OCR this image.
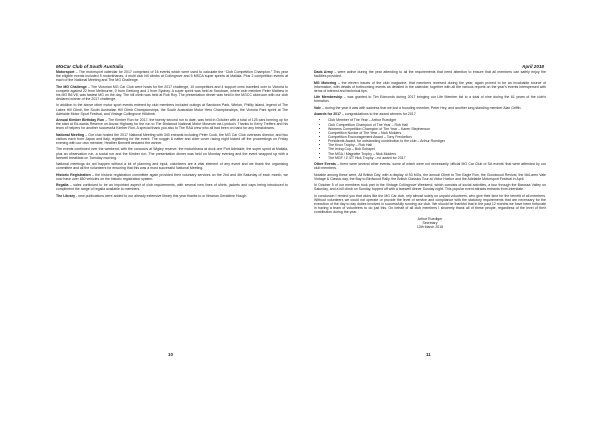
MGCar Club of South Australia	April 2018

Motorsport – The motorsport calendar for 2017 comprised of 16 events which were used to calculate the “Club Competition Champion.” This year the eligible events included 5 motorkhanas, 4 multi club hill climbs at Collingrove and 5 MSCA super sprints at Mallala. Plus 2 competition events at each of the National Meeting and The MG Challenge.

The MG Challenge – The Victorian MG Car Club were hosts for the 2017 challenge, 10 competitors and 4 support crew travelled over to Victoria to compete against 22 from Melbourne, 0 from Geelong and 1 from Sydney. A super sprint was held at Sandown, where club member Peter Mathew in his MG B6 V8, was fastest MG on the day. The hill climb was held at Rob Roy. The presentation dinner was held in the MGCC clubroom with our club declared winner of the 2017 challenge.

In addition to the above other motor sport events entered by club members included outings at Sandown Park, Winton, Phillip Island, legend of The Lakes Hill Climb, the South Australian Hill Climb Championships, the South Australian Motor Hero Championships, the Victoria Park sprint at The Adelaide Motor Sport Festival, and Vintage Collingrove Hillclimb.

Annual Kimber Birthday Run – The Kimber Run for 2017, the twenty second run to date, was held in October with a total of 125 cars forming up for the start at Ed-wards Reserve on Anzac Highway for the run to The Birdwood National Motor Museum via Lyndoch. Thanks to Kerry Treffers and his team of helpers for another successful Kimber Run. A special thank you also to The RAA crew who all had been on hand for any breakdowns.

National Meeting – Our club hosted the 2017 National Meeting with 340 entrants including Peter Cook, the MG Car Club overseas director, and two visitors each from Japan and Italy, registering for the event. The noggin & natter and cider cover racing night kicked off the proceedings on Friday evening with our own member, Heather Bennett declared the winner.

The events continued over the weekend, with the concours at Wigley reserve, the motorkhana at dock one Port Adelaide, the super sprint at Mallala, plus an observation run, a social run and the Kimber run. The presentation dinner was held on Monday evening and the event wrapped up with a farewell breakfast on Tuesday morning.

National meetings do not happen without a lot of planning and input, volunteers are a vital element of any event and we thank the organising committee and all the volunteers for ensuring that this was a most successful National Meeting.

Historic Registration – the historic registration committee again provided their voluntary services on the 2nd and 4th Saturday of each month, we now have over 650 vehicles on the historic registration system.

Regalia – sales continued to be an important aspect of club requirements, with several new lines of shirts, jackets and caps being introduced to compliment the range of regalia available to members.

The Library - new publications were added to our already extensive library this year thanks to or librarian Geraldine Hough.

Dads Army – were active during the year attending to all the requirements that need attention to ensure that all members can safely enjoy the facilities provided.

MG Motoring – the eleven issues of the club magazine, that members received during the year, again proved to be an invaluable source of information, with details of forthcoming events as detailed in the calendar, together with all the various reports on the year's events interspersed with items of interest and technical tips.

Life Membership – was granted to Tim Edmonds during 2017 bringing our Life Member list to a total of nine during the 61 years of the club's formation.

Vale – during the year it was with sadness that we lost a founding member, Peter Hey, and another long standing member Alan Griffin.

Awards for 2017 – congratulations to the award winners for 2017

• Club Member of The Year – Arthur Ruediger
• Club Competition Champion of The Year – Rob Hall
• Womens Competition Champion of The Year – Karen Stephenson
• Competition Novice of The Year – Nick Molders
• Competition Encouragement Award – Tony Freckelton
• Presidents Award, for outstanding contribution to the club – Arthur Ruediger
• The Knox Trophy – Rob Hall
• The Irving Cup – Bob Schapel
• The MGA / Magnette Trophy – Nick Molders
• The MGF / Z /ZT Hick Trophy – no award for 2017

Other Events – there were several other events, some of which were not necessarily 'official MG Car Club of SA events' that were attended by our club members.

Notable among these were, All British Day, with a display of 53 MGs, the annual Climb to The Eagle Run, the Goodwood Revival, the McLaren Vale Vintage & Classic day, the Bay to Birdwood Rally, the British Classics Tour at Victor Harbor and the Adelaide Motorsport Festival in April.

In October 5 of our members took part in the Vintage Collingrove Weekend, which consists of social activities, a tour through the Barossa Valley on Saturday, and a hill climb on Sunday, topped off with a farewell dinner Sunday night. This popular event attracts entrants from interstate.

In conclusion I remind you that clubs like the MG Car club, rely almost solely on unpaid volunteers, who give their time for the benefit of all members. Without volunteers we could not operate or provide the level of service and compliance with the statutory requirements that are necessary for the execution of the day to day duties involved in successfully running our club. We should be thankful that in the past 12 months we have been fortunate in having a team of volunteers to do just this. On behalf of all club members I sincerely thank all of these people, regardless of the level of their contribution during the year.

Arthur Ruediger
Secretary
13th March 2018
10	11
